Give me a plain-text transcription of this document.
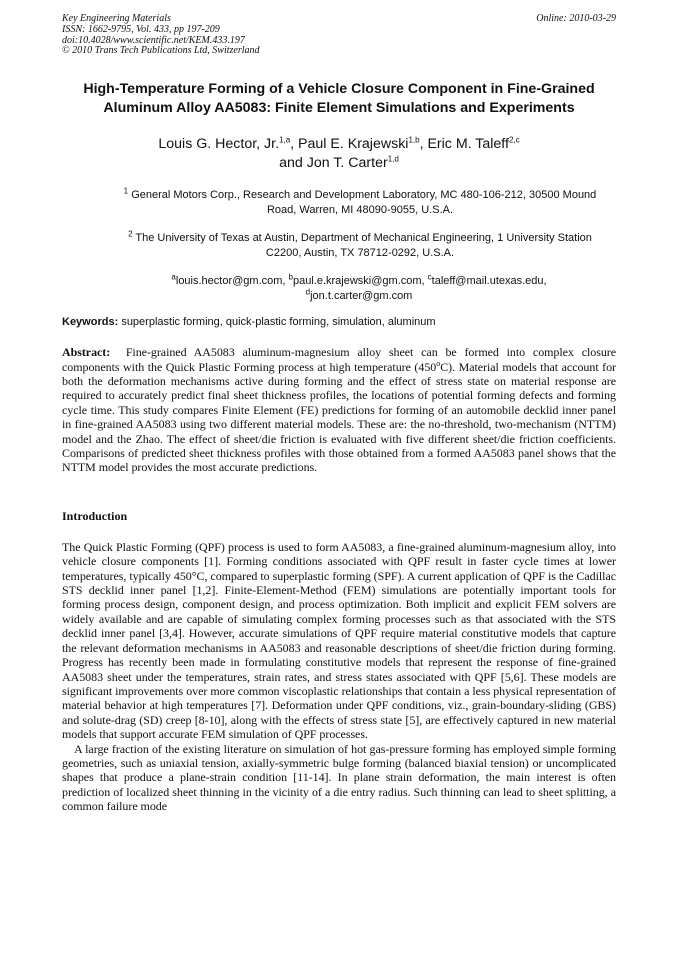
Key Engineering Materials
ISSN: 1662-9795, Vol. 433, pp 197-209
doi:10.4028/www.scientific.net/KEM.433.197
© 2010 Trans Tech Publications Ltd, Switzerland
Online: 2010-03-29
High-Temperature Forming of a Vehicle Closure Component in Fine-Grained Aluminum Alloy AA5083: Finite Element Simulations and Experiments
Louis G. Hector, Jr.$^{1,a}$, Paul E. Krajewski$^{1,b}$, Eric M. Taleff$^{2,c}$
and Jon T. Carter$^{1,d}$
$^1$ General Motors Corp., Research and Development Laboratory, MC 480-106-212, 30500 Mound Road, Warren, MI 48090-9055, U.S.A.
$^2$ The University of Texas at Austin, Department of Mechanical Engineering, 1 University Station C2200, Austin, TX 78712-0292, U.S.A.
$^a$louis.hector@gm.com, $^b$paul.e.krajewski@gm.com, $^c$taleff@mail.utexas.edu,
$^d$jon.t.carter@gm.com
Keywords: superplastic forming, quick-plastic forming, simulation, aluminum

Abstract: Fine-grained AA5083 aluminum-magnesium alloy sheet can be formed into complex closure components with the Quick Plastic Forming process at high temperature (450$^o$C). Material models that account for both the deformation mechanisms active during forming and the effect of stress state on material response are required to accurately predict final sheet thickness profiles, the locations of potential forming defects and forming cycle time. This study compares Finite Element (FE) predictions for forming of an automobile decklid inner panel in fine-grained AA5083 using two different material models. These are: the no-threshold, two-mechanism (NTTM) model and the Zhao. The effect of sheet/die friction is evaluated with five different sheet/die friction coefficients. Comparisons of predicted sheet thickness profiles with those obtained from a formed AA5083 panel shows that the NTTM model provides the most accurate predictions.

Introduction

The Quick Plastic Forming (QPF) process is used to form AA5083, a fine-grained aluminum-magnesium alloy, into vehicle closure components [1]. Forming conditions associated with QPF result in faster cycle times at lower temperatures, typically 450°C, compared to superplastic forming (SPF). A current application of QPF is the Cadillac STS decklid inner panel [1,2]. Finite-Element-Method (FEM) simulations are potentially important tools for forming process design, component design, and process optimization. Both implicit and explicit FEM solvers are widely available and are capable of simulating complex forming processes such as that associated with the STS decklid inner panel [3,4]. However, accurate simulations of QPF require material constitutive models that capture the relevant deformation mechanisms in AA5083 and reasonable descriptions of sheet/die friction during forming. Progress has recently been made in formulating constitutive models that represent the response of fine-grained AA5083 sheet under the temperatures, strain rates, and stress states associated with QPF [5,6]. These models are significant improvements over more common viscoplastic relationships that contain a less physical representation of material behavior at high temperatures [7]. Deformation under QPF conditions, viz., grain-boundary-sliding (GBS) and solute-drag (SD) creep [8-10], along with the effects of stress state [5], are effectively captured in new material models that support accurate FEM simulation of QPF processes.

A large fraction of the existing literature on simulation of hot gas-pressure forming has employed simple forming geometries, such as uniaxial tension, axially-symmetric bulge forming (balanced biaxial tension) or uncomplicated shapes that produce a plane-strain condition [11-14]. In plane strain deformation, the main interest is often prediction of localized sheet thinning in the vicinity of a die entry radius. Such thinning can lead to sheet splitting, a common failure mode
